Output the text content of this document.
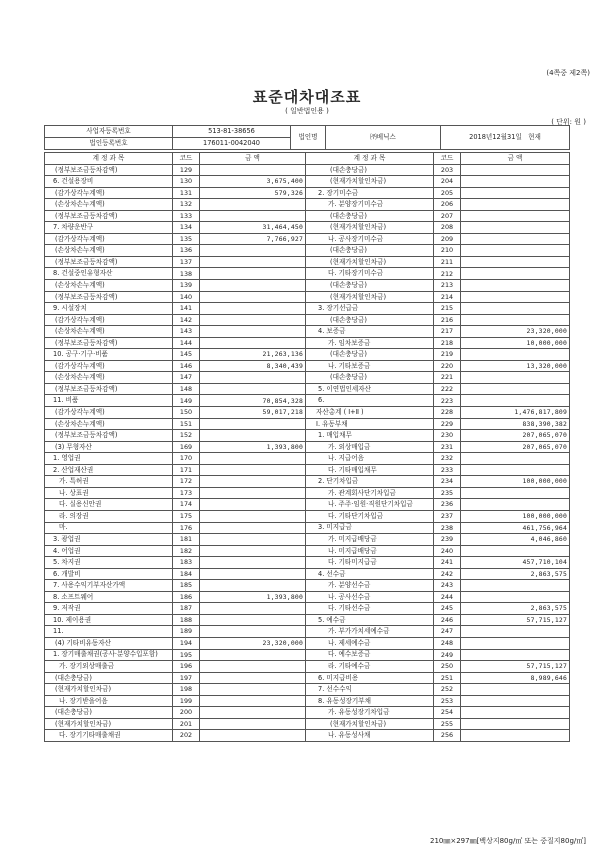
(4쪽중 제2쪽)
표준대차대조표
( 일반법인용 )
( 단위: 원 )
사업자등록번호	513-81-38656	법인명	㈜베닉스	2018년12월31일 현재
법인등록번호	176011-0042040			
계 정 과 목	코드	금 액	계 정 과 목	코드	금 액
(정부보조금등차감액)	129		(대손충당금)	203	
6. 건설용장비	130	3,675,400	(현재가치할인차금)	204	
(감가상각누계액)	131	579,326	2. 장기미수금	205	
(손상차손누계액)	132		가. 분양장기미수금	206	
(정부보조금등차감액)	133		(대손충당금)	207	
7. 차량운반구	134	31,464,450	(현재가치할인차금)	208	
(감가상각누계액)	135	7,766,927	나. 공사장기미수금	209	
(손상차손누계액)	136		(대손충당금)	210	
(정부보조금등차감액)	137		(현재가치할인차금)	211	
8. 건설중인유형자산	138		다. 기타장기미수금	212	
(손상차손누계액)	139		(대손충당금)	213	
(정부보조금등차감액)	140		(현재가치할인차금)	214	
9. 시설장치	141		3. 장기선급금	215	
(감가상각누계액)	142		(대손충당금)	216	
(손상차손누계액)	143		4. 보증금	217	23,320,000
(정부보조금등차감액)	144		가. 임차보증금	218	10,000,000
10. 공구·기구·비품	145	21,263,136	(대손충당금)	219	
(감가상각누계액)	146	8,340,439	나. 기타보증금	220	13,320,000
(손상차손누계액)	147		(대손충당금)	221	
(정부보조금등차감액)	148		5. 이연법인세자산	222	
11. 비품	149	70,854,328	6.	223	
(감가상각누계액)	150	59,017,218	자산총계 ( Ⅰ+Ⅱ )	228	1,476,817,809
(손상차손누계액)	151		Ⅰ. 유동부채	229	838,390,382
(정부보조금등차감액)	152		1. 매입채무	230	207,065,070
(3) 무형자산	169	1,393,800	가. 외상매입금	231	207,065,070
1. 영업권	170		나. 지급어음	232	
2. 산업재산권	171		다. 기타매입채무	233	
가. 특허권	172		2. 단기차입금	234	100,000,000
나. 상표권	173		가. 관계회사단기차입금	235	
다. 실용신안권	174		나. 주주·임원·직원단기차입금	236	
라. 의장권	175		다. 기타단기차입금	237	100,000,000
마.	176		3. 미지급금	238	461,756,964
3. 광업권	181		가. 미지급배당금	239	4,046,860
4. 어업권	182		나. 미지급배당금	240	
5. 차지권	183		다. 기타미지급금	241	457,710,104
6. 개발비	184		4. 선수금	242	2,863,575
7. 사용수익기부자산가액	185		가. 분양선수금	243	
8. 소프트웨어	186	1,393,800	나. 공사선수금	244	
9. 저작권	187		다. 기타선수금	245	2,863,575
10. 제이용권	188		5. 예수금	246	57,715,127
11.	189		가. 부가가치세예수금	247	
(4) 기타비유동자산	194	23,320,000	나. 제세예수금	248	
1. 장기매출채권(공사·분양수입포함)	195		다. 예수보증금	249	
가. 장기외상매출금	196		라. 기타예수금	250	57,715,127
(대손충당금)	197		6. 미지급비용	251	8,989,646
(현재가치할인차금)	198		7. 선수수익	252	
나. 장기받을어음	199		8. 유동성장기부채	253	
(대손충당금)	200		가. 유동성장기차입금	254	
(현재가치할인차금)	201		(현재가치할인차금)	255	
다. 장기기타매출채권	202		나. 유동성사채	256	
210㎜×297㎜[백상지80g/㎡ 또는 중질지80g/㎡]
